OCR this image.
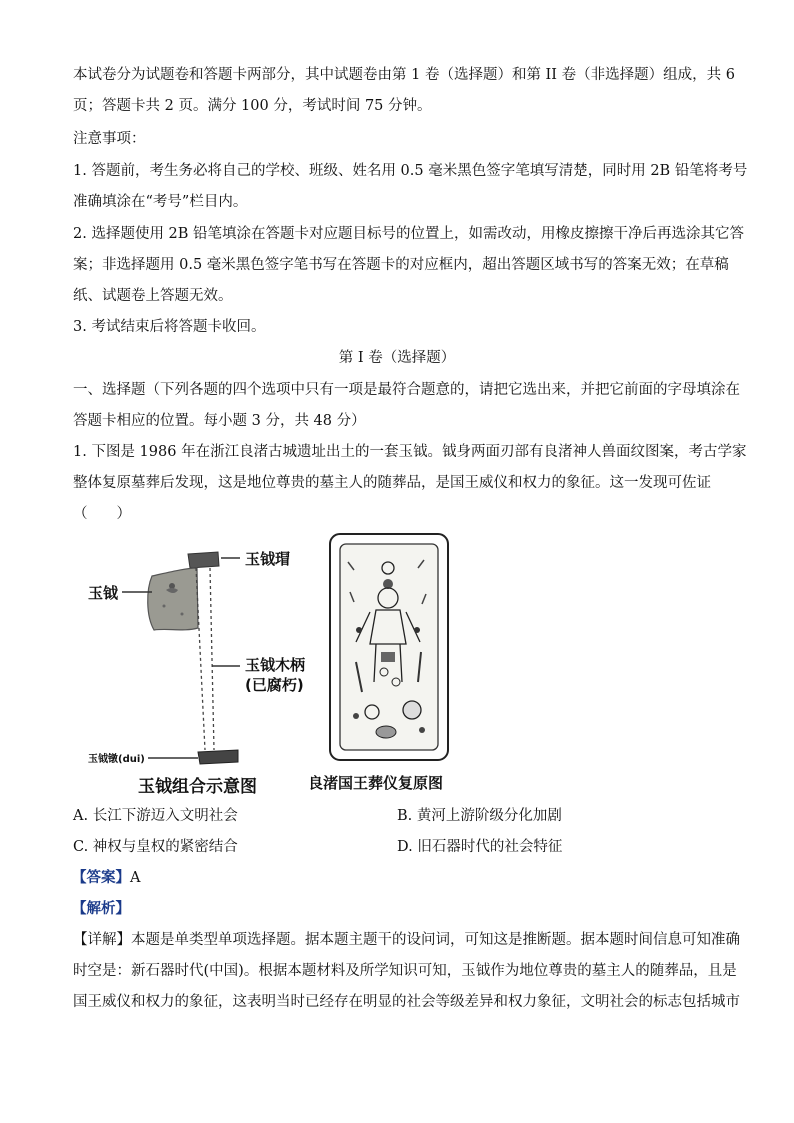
本试卷分为试题卷和答题卡两部分，其中试题卷由第 1 卷（选择题）和第 II 卷（非选择题）组成，共 6

页；答题卡共 2 页。满分 100 分，考试时间 75 分钟。

注意事项：

1. 答题前，考生务必将自己的学校、班级、姓名用 0.5 毫米黑色签字笔填写清楚，同时用 2B 铅笔将考号

准确填涂在“考号”栏目内。

2. 选择题使用 2B 铅笔填涂在答题卡对应题目标号的位置上，如需改动，用橡皮擦擦干净后再选涂其它答

案；非选择题用 0.5 毫米黑色签字笔书写在答题卡的对应框内，超出答题区域书写的答案无效；在草稿

纸、试题卷上答题无效。

3. 考试结束后将答题卡收回。

第 I 卷（选择题）

一、选择题（下列各题的四个选项中只有一项是最符合题意的，请把它选出来，并把它前面的字母填涂在

答题卡相应的位置。每小题 3 分，共 48 分）

1. 下图是 1986 年在浙江良渚古城遗址出土的一套玉钺。钺身两面刃部有良渚神人兽面纹图案，考古学家

整体复原墓葬后发现，这是地位尊贵的墓主人的随葬品，是国王威仪和权力的象征。这一发现可佐证

（　　）

玉钺瑁
玉钺
玉钺木柄
(已腐朽)
玉钺镦(dui)
玉钺组合示意图	良渚国王葬仪复原图
A. 长江下游迈入文明社会	B. 黄河上游阶级分化加剧
C. 神权与皇权的紧密结合	D. 旧石器时代的社会特征
【答案】A
【解析】

【详解】本题是单类型单项选择题。据本题主题干的设问词，可知这是推断题。据本题时间信息可知准确

时空是：新石器时代(中国)。根据本题材料及所学知识可知，玉钺作为地位尊贵的墓主人的随葬品，且是

国王威仪和权力的象征，这表明当时已经存在明显的社会等级差异和权力象征，文明社会的标志包括城市
